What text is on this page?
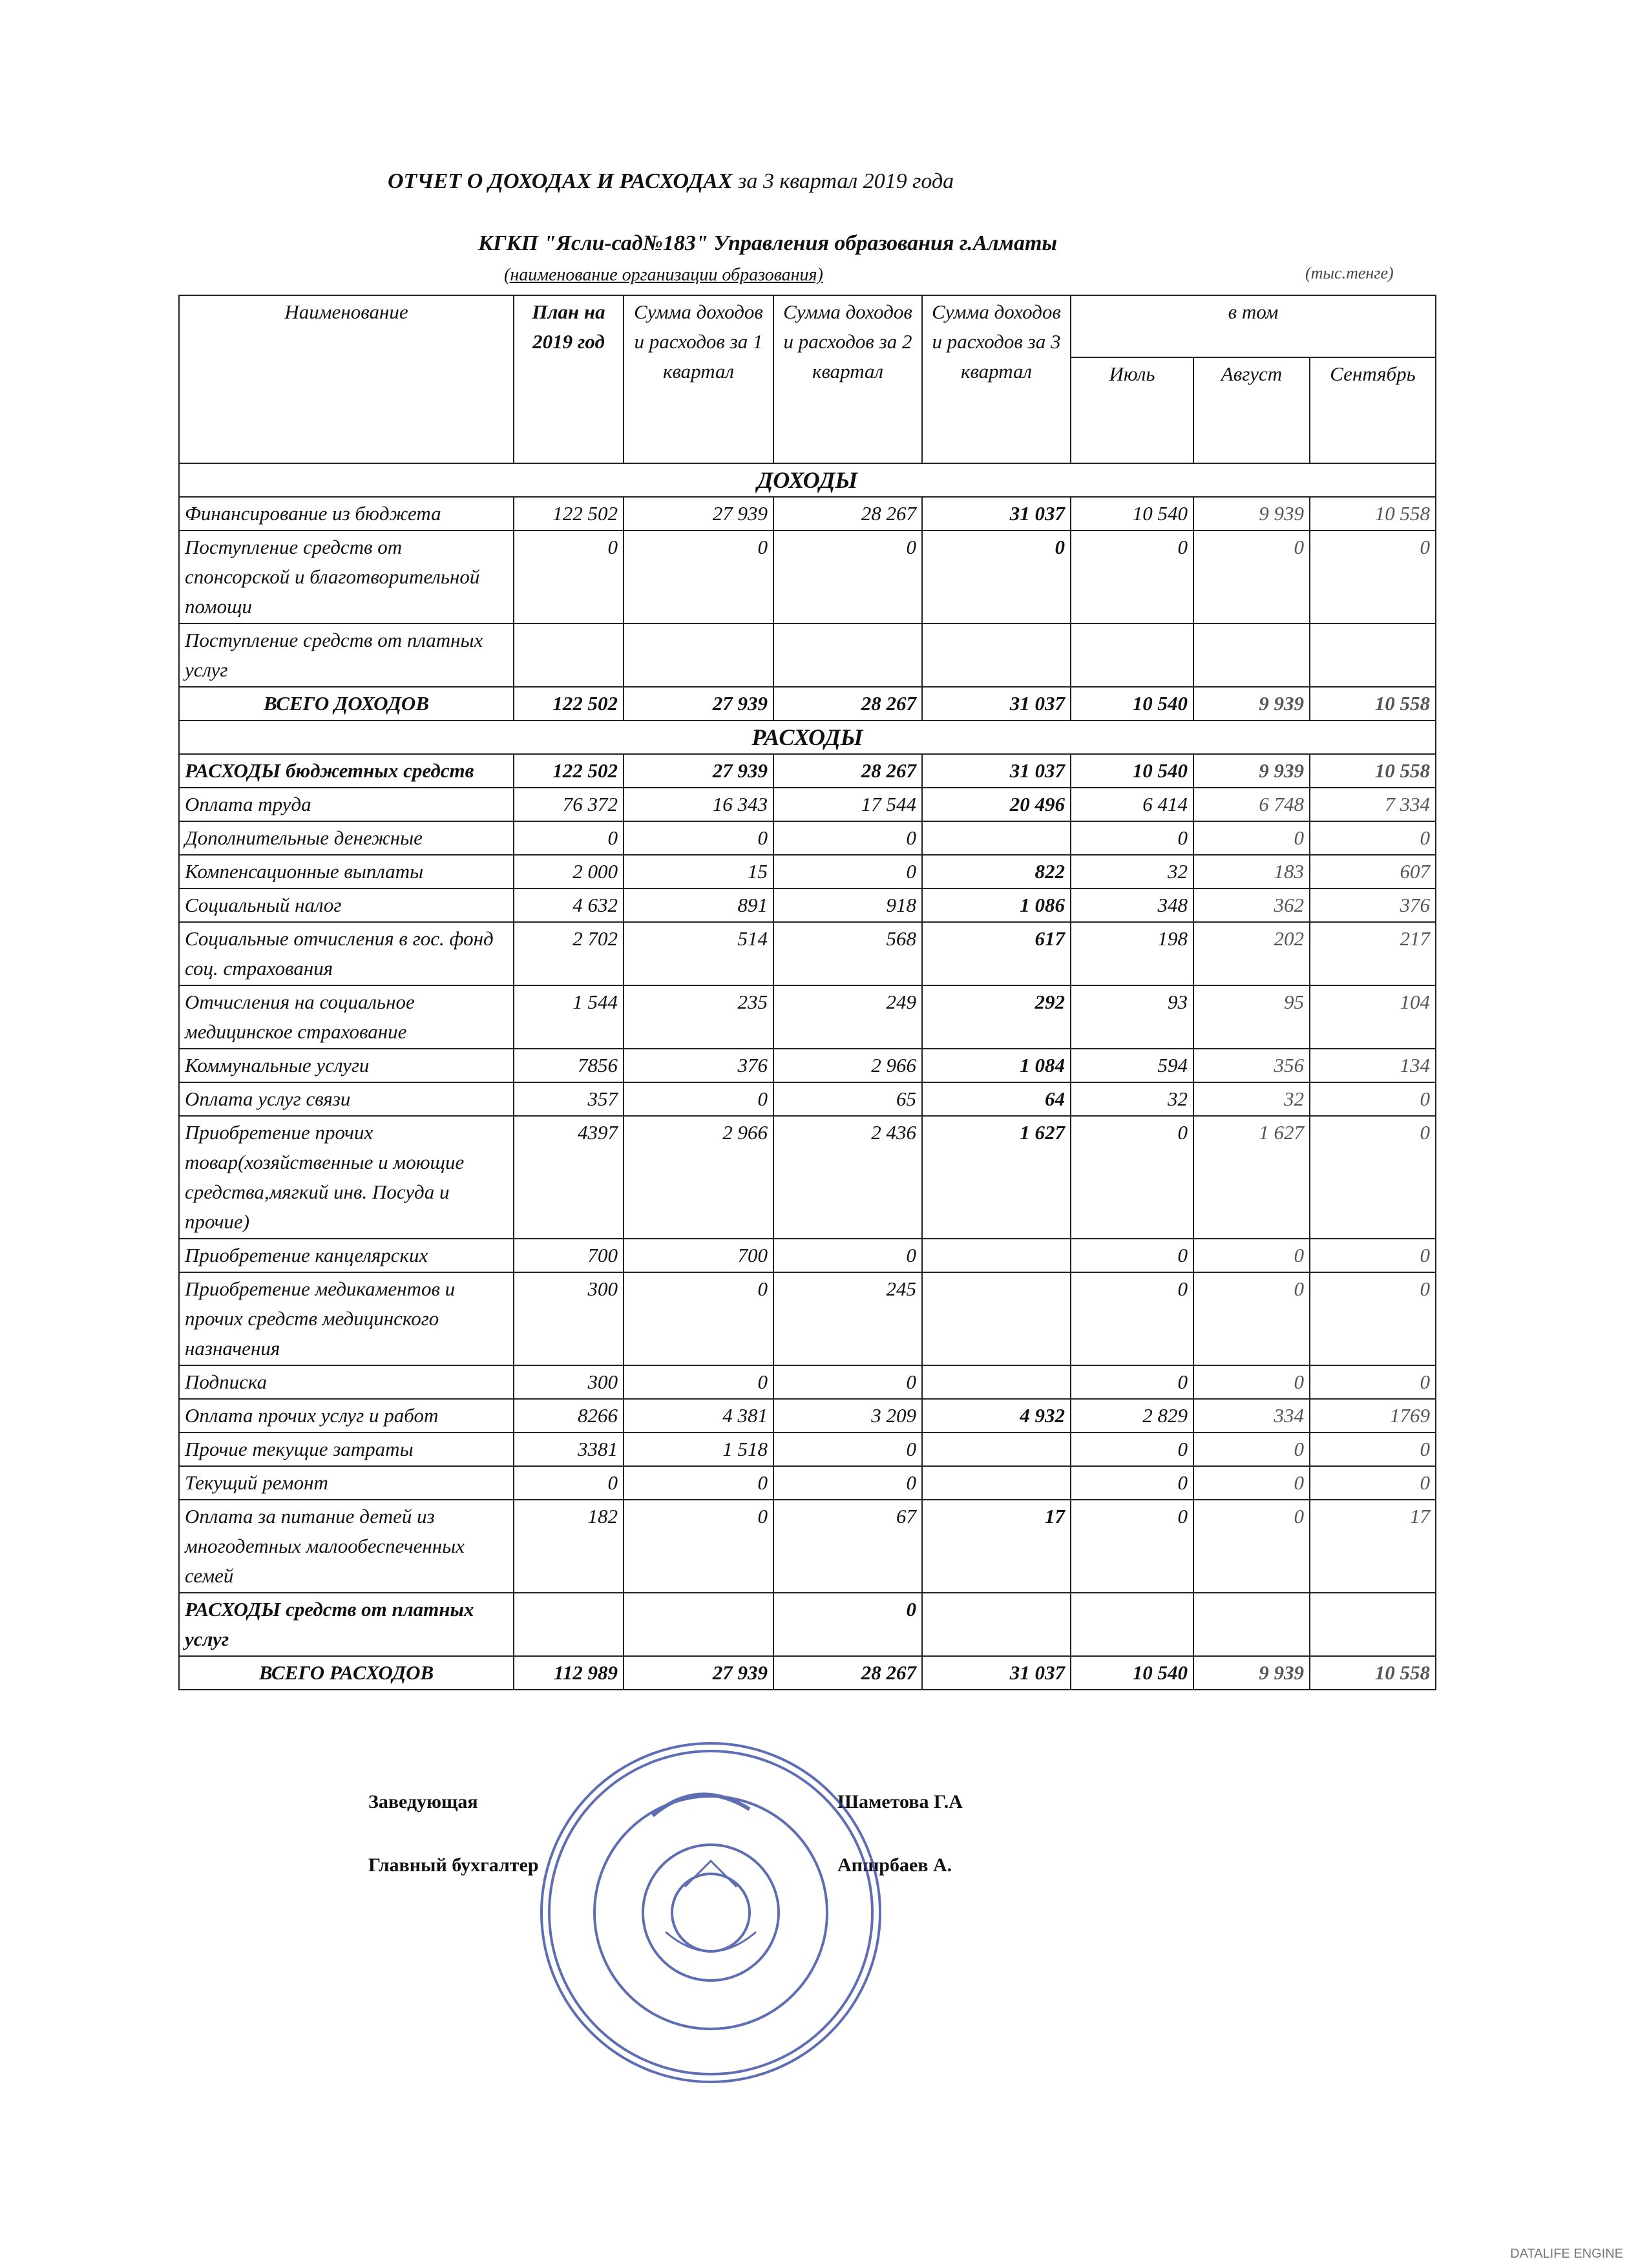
ОТЧЕТ О ДОХОДАХ И РАСХОДАХ за 3 квартал 2019 года
КГКП "Ясли-сад№183" Управления образования г.Алматы
(наименование организации образования)	(тыс.тенге)
Наименование	План на 2019 год	Сумма доходов и расходов за 1 квартал	Сумма доходов и расходов за 2 квартал	Сумма доходов и расходов за 3 квартал	в том		
					Июль	Август	Сентябрь
ДОХОДЫ							
Финансирование из бюджета	122 502	27 939	28 267	31 037	10 540	9 939	10 558
Поступление средств от спонсорской и благотворительной помощи	0	0	0	0	0	0	0
Поступление средств от платных услуг							
ВСЕГО ДОХОДОВ	122 502	27 939	28 267	31 037	10 540	9 939	10 558
РАСХОДЫ							
РАСХОДЫ бюджетных средств	122 502	27 939	28 267	31 037	10 540	9 939	10 558
Оплата труда	76 372	16 343	17 544	20 496	6 414	6 748	7 334
Дополнительные денежные	0	0	0		0	0	0
Компенсационные выплаты	2 000	15	0	822	32	183	607
Социальный налог	4 632	891	918	1 086	348	362	376
Социальные отчисления в гос. фонд соц. страхования	2 702	514	568	617	198	202	217
Отчисления на социальное медицинское страхование	1 544	235	249	292	93	95	104
Коммунальные услуги	7856	376	2 966	1 084	594	356	134
Оплата услуг связи	357	0	65	64	32	32	0
Приобретение прочих товар(хозяйственные и моющие средства,мягкий инв. Посуда и прочие)	4397	2 966	2 436	1 627	0	1 627	0
Приобретение канцелярских	700	700	0		0	0	0
Приобретение медикаментов и прочих средств медицинского назначения	300	0	245		0	0	0
Подписка	300	0	0		0	0	0
Оплата прочих услуг и работ	8266	4 381	3 209	4 932	2 829	334	1769
Прочие текущие затраты	3381	1 518	0		0	0	0
Текущий ремонт	0	0	0		0	0	0
Оплата за питание детей из многодетных малообеспеченных семей	182	0	67	17	0	0	17
РАСХОДЫ средств от платных услуг			0				
ВСЕГО РАСХОДОВ	112 989	27 939	28 267	31 037	10 540	9 939	10 558
Заведующая	Шаметова Г.А
Главный бухгалтер	Апшрбаев А.
DATALIFE ENGINE
